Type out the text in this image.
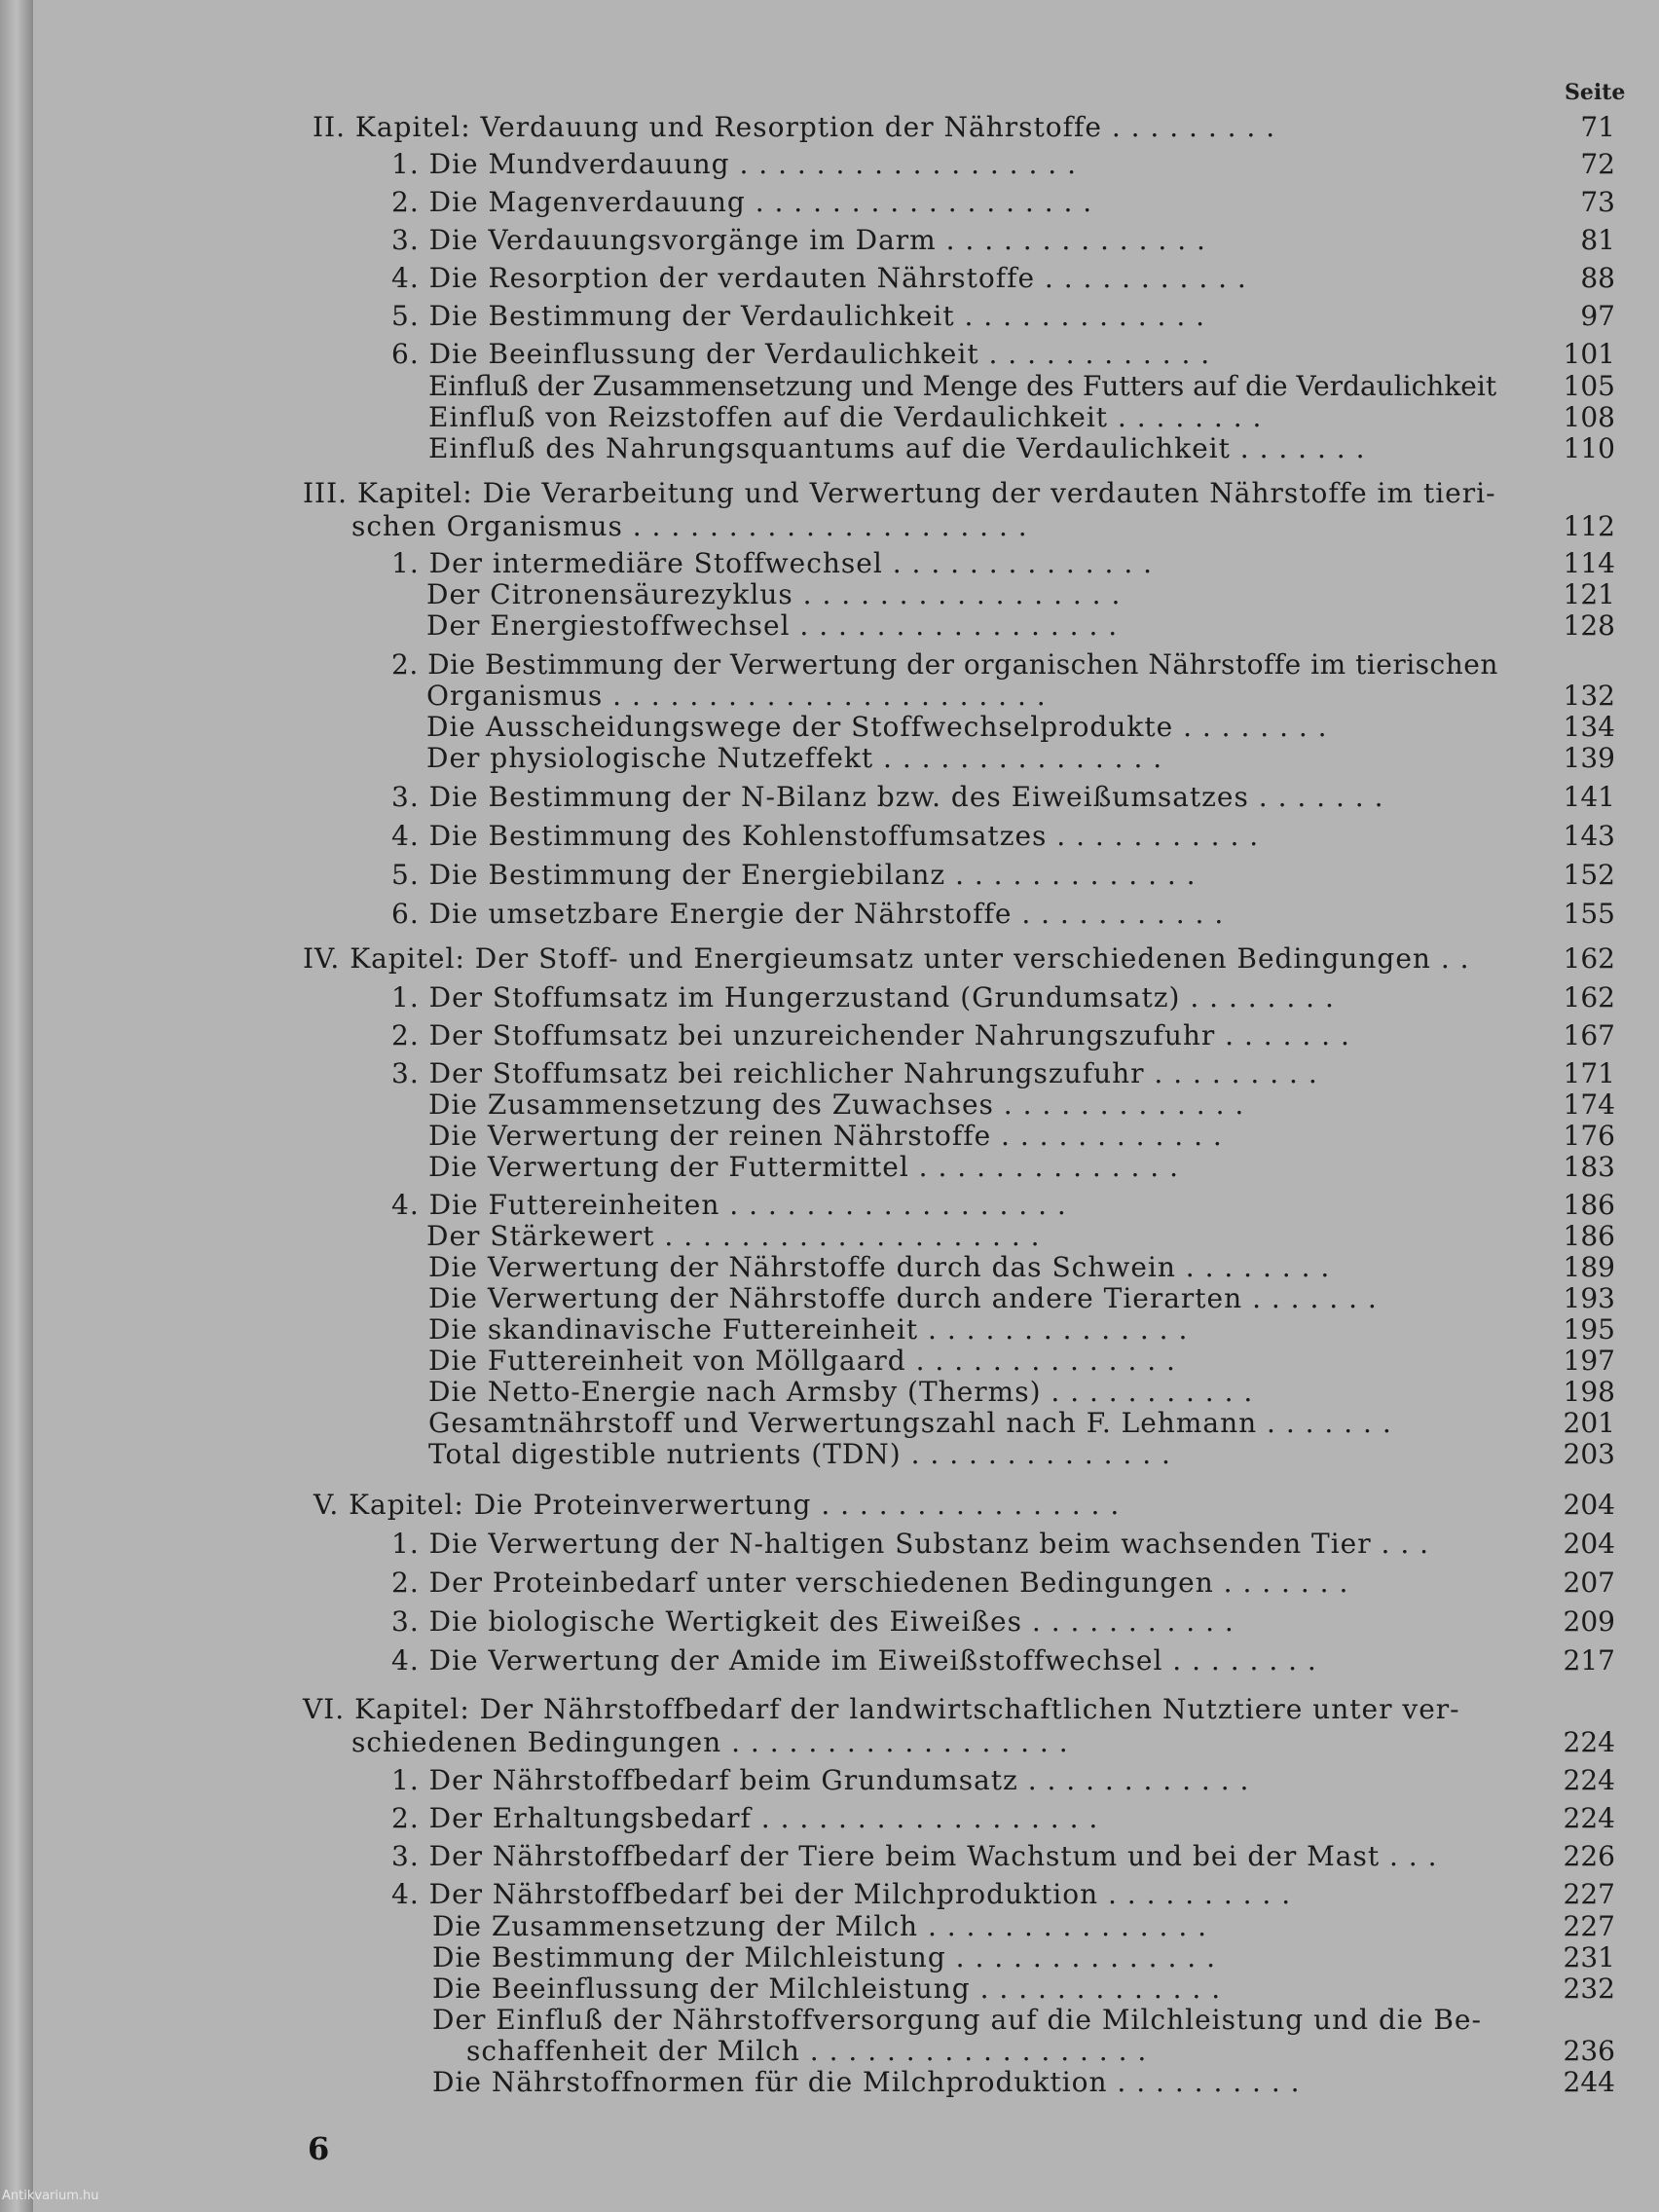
Seite
II. Kapitel: Verdauung und Resorption der Nährstoffe . . . . . . . . .	71
1. Die Mundverdauung . . . . . . . . . . . . . . . . . .	72
2. Die Magenverdauung . . . . . . . . . . . . . . . . . .	73
3. Die Verdauungsvorgänge im Darm . . . . . . . . . . . . . .	81
4. Die Resorption der verdauten Nährstoffe . . . . . . . . . . .	88
5. Die Bestimmung der Verdaulichkeit . . . . . . . . . . . . .	97
6. Die Beeinflussung der Verdaulichkeit . . . . . . . . . . . .	101
Einfluß der Zusammensetzung und Menge des Futters auf die Verdaulichkeit	105
Einfluß von Reizstoffen auf die Verdaulichkeit . . . . . . . .	108
Einfluß des Nahrungsquantums auf die Verdaulichkeit . . . . . . .	110
III. Kapitel: Die Verarbeitung und Verwertung der verdauten Nährstoffe im tieri-
schen Organismus . . . . . . . . . . . . . . . . . . . . .	112
1. Der intermediäre Stoffwechsel . . . . . . . . . . . . . .	114
Der Citronensäurezyklus . . . . . . . . . . . . . . . . .	121
Der Energiestoffwechsel . . . . . . . . . . . . . . . . .	128
2. Die Bestimmung der Verwertung der organischen Nährstoffe im tierischen
Organismus . . . . . . . . . . . . . . . . . . . . . . .	132
Die Ausscheidungswege der Stoffwechselprodukte . . . . . . . .	134
Der physiologische Nutzeffekt . . . . . . . . . . . . . . .	139
3. Die Bestimmung der N-Bilanz bzw. des Eiweißumsatzes . . . . . . .	141
4. Die Bestimmung des Kohlenstoffumsatzes . . . . . . . . . . .	143
5. Die Bestimmung der Energiebilanz . . . . . . . . . . . . .	152
6. Die umsetzbare Energie der Nährstoffe . . . . . . . . . . .	155
IV. Kapitel: Der Stoff- und Energieumsatz unter verschiedenen Bedingungen . .	162
1. Der Stoffumsatz im Hungerzustand (Grundumsatz) . . . . . . . .	162
2. Der Stoffumsatz bei unzureichender Nahrungszufuhr . . . . . . .	167
3. Der Stoffumsatz bei reichlicher Nahrungszufuhr . . . . . . . . .	171
Die Zusammensetzung des Zuwachses . . . . . . . . . . . . .	174
Die Verwertung der reinen Nährstoffe . . . . . . . . . . . .	176
Die Verwertung der Futtermittel . . . . . . . . . . . . . .	183
4. Die Futtereinheiten . . . . . . . . . . . . . . . . . .	186
Der Stärkewert . . . . . . . . . . . . . . . . . . . .	186
Die Verwertung der Nährstoffe durch das Schwein . . . . . . . .	189
Die Verwertung der Nährstoffe durch andere Tierarten . . . . . . .	193
Die skandinavische Futtereinheit . . . . . . . . . . . . . .	195
Die Futtereinheit von Möllgaard . . . . . . . . . . . . . .	197
Die Netto-Energie nach Armsby (Therms) . . . . . . . . . . .	198
Gesamtnährstoff und Verwertungszahl nach F. Lehmann . . . . . . .	201
Total digestible nutrients (TDN) . . . . . . . . . . . . . .	203
V. Kapitel: Die Proteinverwertung . . . . . . . . . . . . . . . .	204
1. Die Verwertung der N-haltigen Substanz beim wachsenden Tier . . .	204
2. Der Proteinbedarf unter verschiedenen Bedingungen . . . . . . .	207
3. Die biologische Wertigkeit des Eiweißes . . . . . . . . . . .	209
4. Die Verwertung der Amide im Eiweißstoffwechsel . . . . . . . .	217
VI. Kapitel: Der Nährstoffbedarf der landwirtschaftlichen Nutztiere unter ver-
schiedenen Bedingungen . . . . . . . . . . . . . . . . . .	224
1. Der Nährstoffbedarf beim Grundumsatz . . . . . . . . . . . .	224
2. Der Erhaltungsbedarf . . . . . . . . . . . . . . . . . .	224
3. Der Nährstoffbedarf der Tiere beim Wachstum und bei der Mast . . .	226
4. Der Nährstoffbedarf bei der Milchproduktion . . . . . . . . . .	227
Die Zusammensetzung der Milch . . . . . . . . . . . . . . .	227
Die Bestimmung der Milchleistung . . . . . . . . . . . . . .	231
Die Beeinflussung der Milchleistung . . . . . . . . . . . . .	232
Der Einfluß der Nährstoffversorgung auf die Milchleistung und die Be-
schaffenheit der Milch . . . . . . . . . . . . . . . . . .	236
Die Nährstoffnormen für die Milchproduktion . . . . . . . . . .	244
6
Antikvarium.hu
